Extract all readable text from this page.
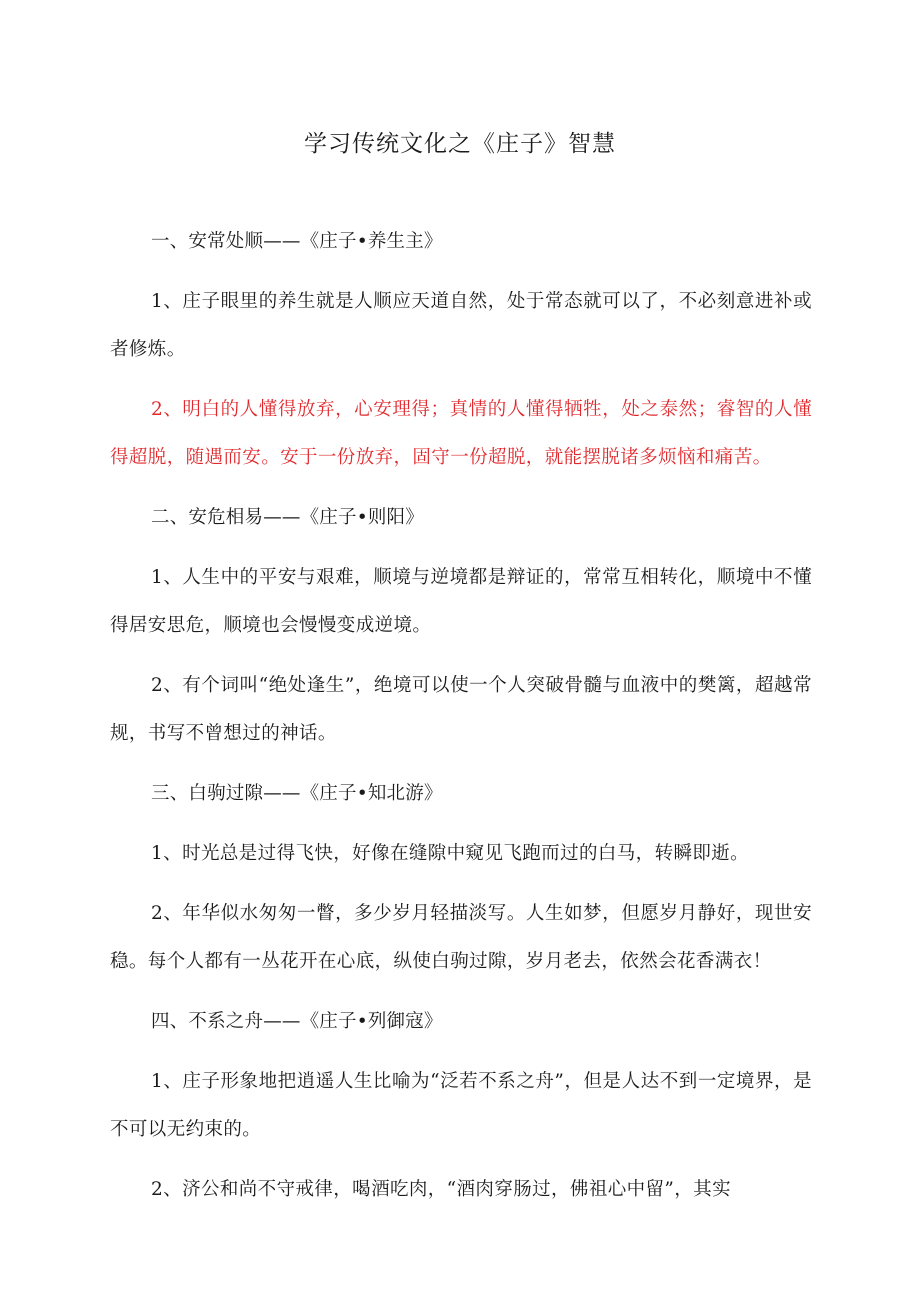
学习传统文化之《庄子》智慧

一、安常处顺——《庄子•养生主》

1、庄子眼里的养生就是人顺应天道自然，处于常态就可以了，不必刻意进补或者修炼。

2、明白的人懂得放弃，心安理得；真情的人懂得牺牲，处之泰然；睿智的人懂得超脱，随遇而安。安于一份放弃，固守一份超脱，就能摆脱诸多烦恼和痛苦。

二、安危相易——《庄子•则阳》

1、人生中的平安与艰难，顺境与逆境都是辩证的，常常互相转化，顺境中不懂得居安思危，顺境也会慢慢变成逆境。

2、有个词叫“绝处逢生”，绝境可以使一个人突破骨髓与血液中的樊篱，超越常规，书写不曾想过的神话。

三、白驹过隙——《庄子•知北游》

1、时光总是过得飞快，好像在缝隙中窥见飞跑而过的白马，转瞬即逝。

2、年华似水匆匆一瞥，多少岁月轻描淡写。人生如梦，但愿岁月静好，现世安稳。每个人都有一丛花开在心底，纵使白驹过隙，岁月老去，依然会花香满衣！

四、不系之舟——《庄子•列御寇》

1、庄子形象地把逍遥人生比喻为“泛若不系之舟”，但是人达不到一定境界，是不可以无约束的。

2、济公和尚不守戒律，喝酒吃肉，“酒肉穿肠过，佛祖心中留”，其实
